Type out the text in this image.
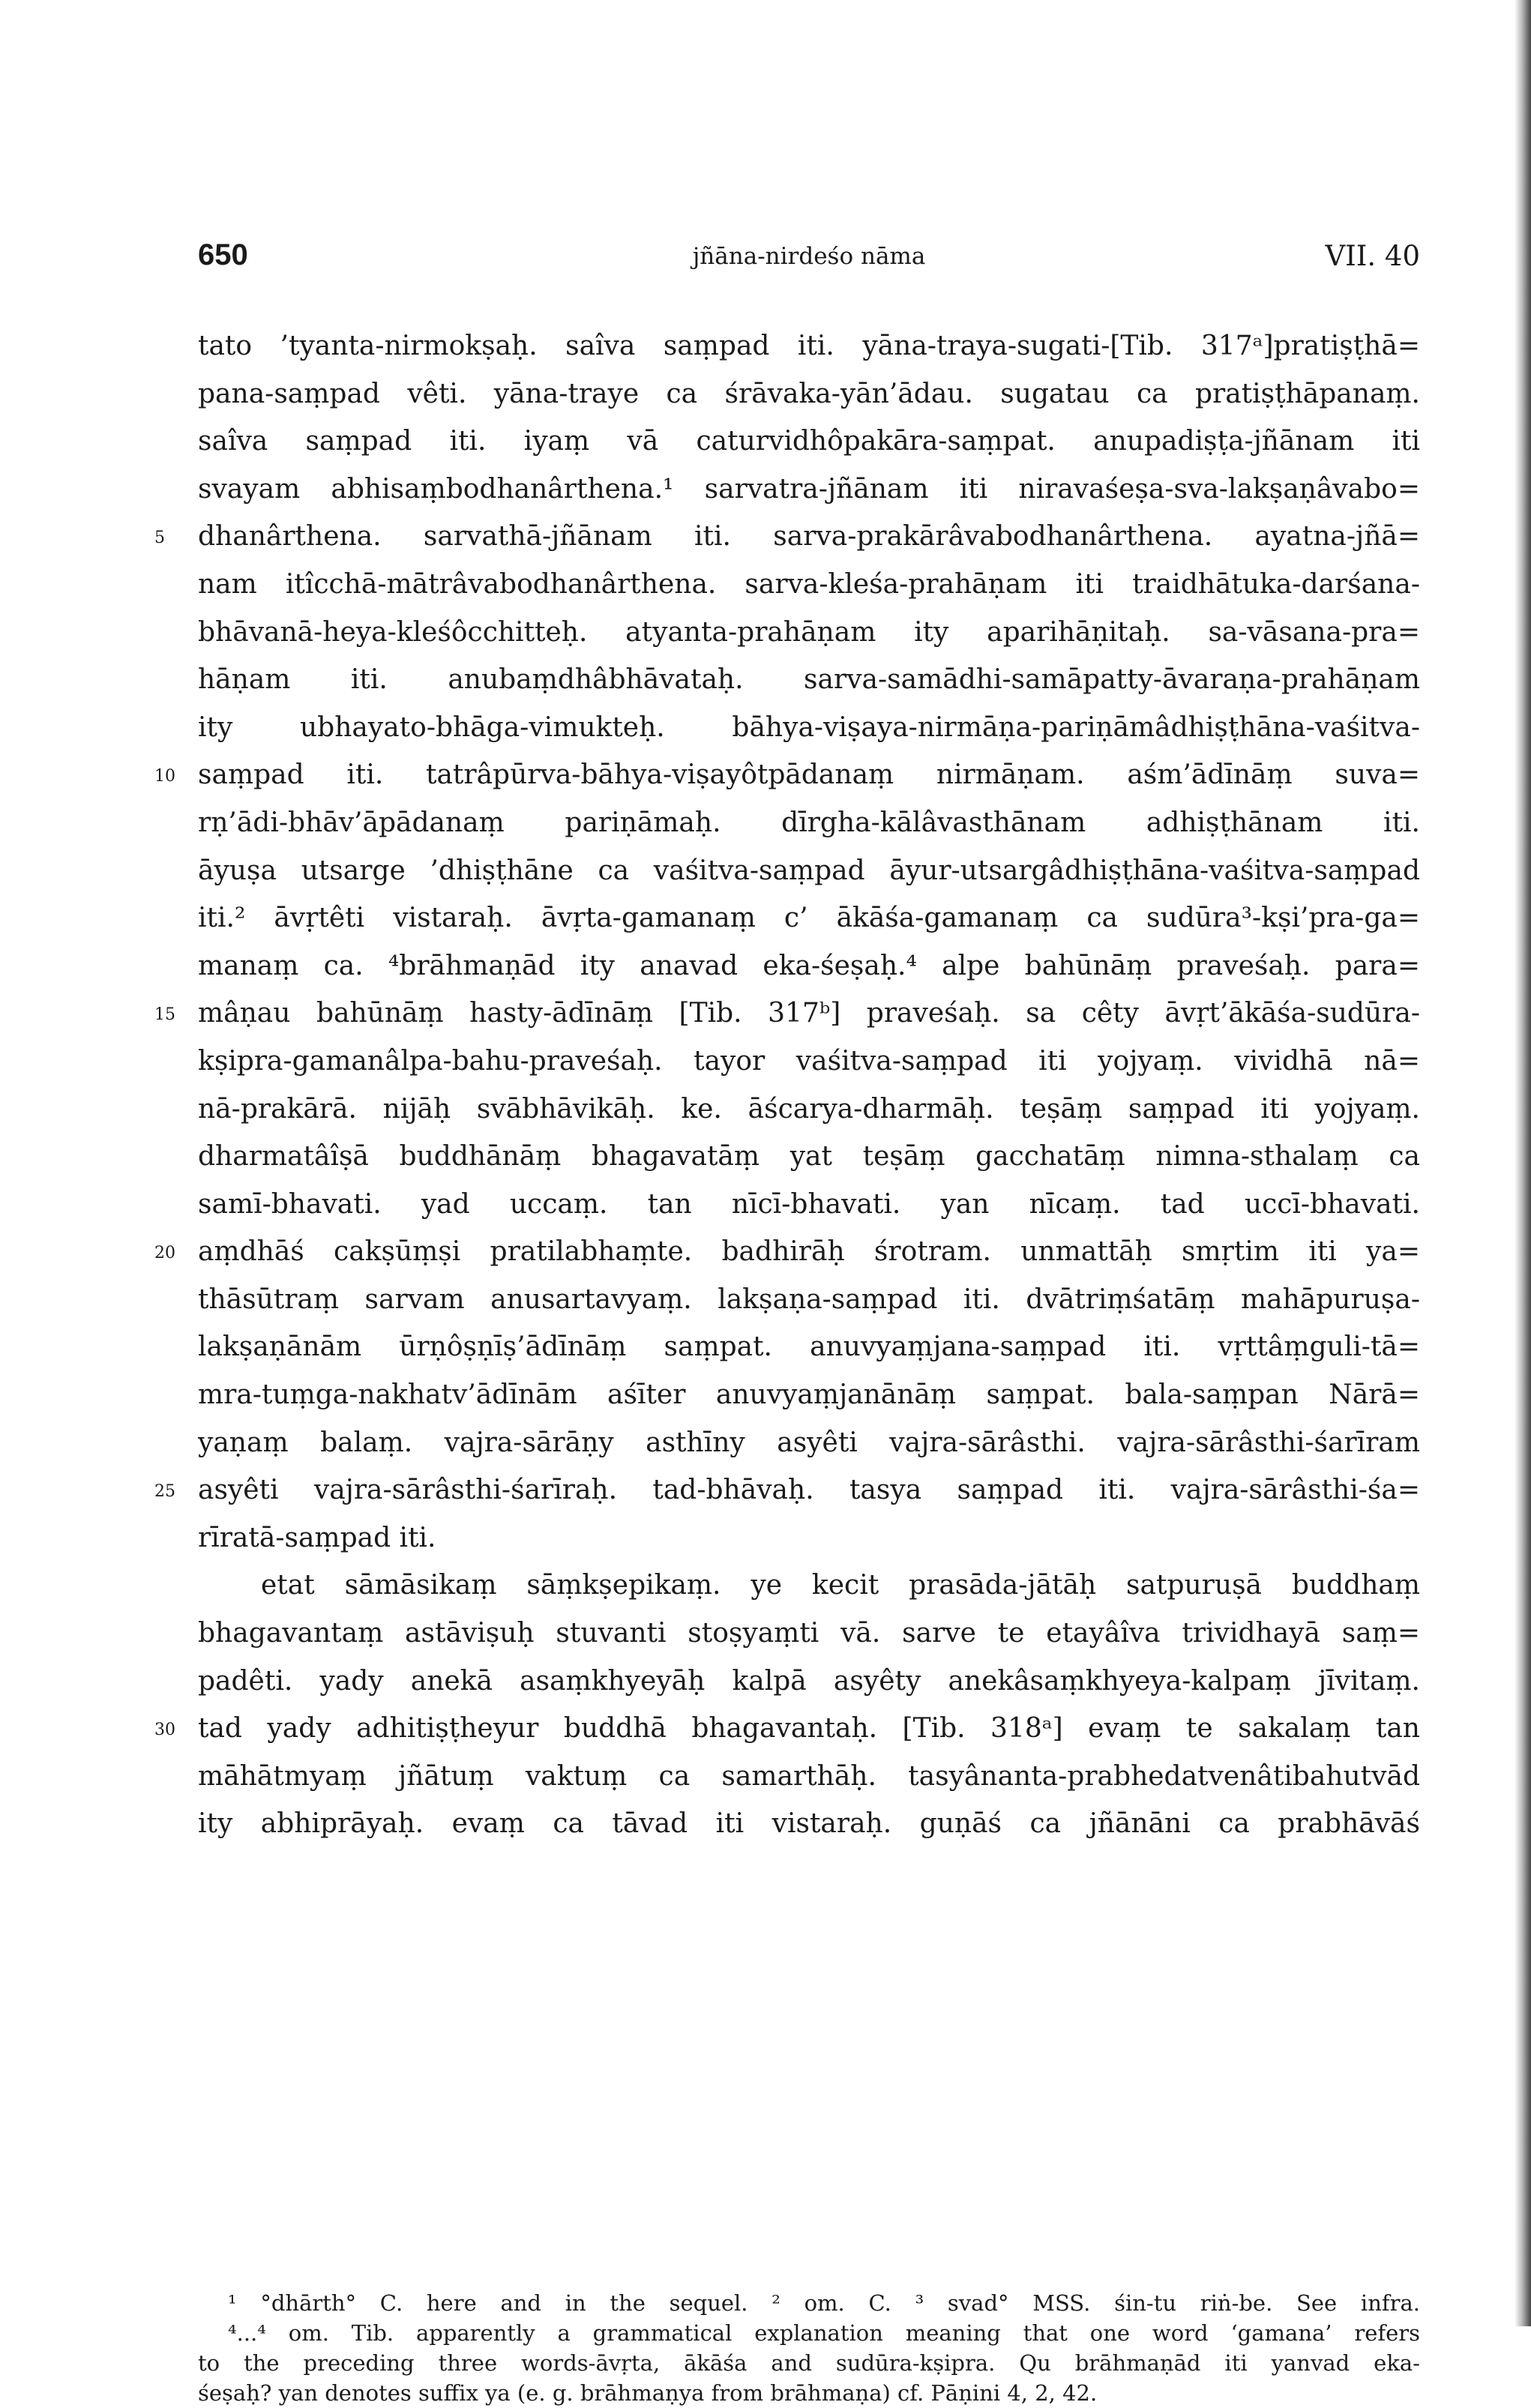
650	jñāna-nirdeśo nāma	VII. 40
tato ’tyanta-nirmokṣaḥ. saîva saṃpad iti. yāna-traya-sugati-[Tib. 317ᵃ]pratiṣṭhā=
pana-saṃpad vêti. yāna-traye ca śrāvaka-yān’ādau. sugatau ca pratiṣṭhāpanaṃ.
saîva saṃpad iti. iyaṃ vā caturvidhôpakāra-saṃpat. anupadiṣṭa-jñānam iti
svayam abhisaṃbodhanârthena.¹ sarvatra-jñānam iti niravaśeṣa-sva-lakṣaṇâvabo=
5	dhanârthena. sarvathā-jñānam iti. sarva-prakārâvabodhanârthena. ayatna-jñā=
nam itîcchā-mātrâvabodhanârthena. sarva-kleśa-prahāṇam iti traidhātuka-darśana-
bhāvanā-heya-kleśôcchitteḥ. atyanta-prahāṇam ity aparihāṇitaḥ. sa-vāsana-pra=
hāṇam iti. anubaṃdhâbhāvataḥ. sarva-samādhi-samāpatty-āvaraṇa-prahāṇam
ity ubhayato-bhāga-vimukteḥ. bāhya-viṣaya-nirmāṇa-pariṇāmâdhiṣṭhāna-vaśitva-
10 saṃpad iti. tatrâpūrva-bāhya-viṣayôtpādanaṃ nirmāṇam. aśm’ādīnāṃ suva=
rṇ’ādi-bhāv’āpādanaṃ pariṇāmaḥ. dīrgha-kālâvasthānam adhiṣṭhānam iti.
āyuṣa utsarge ’dhiṣṭhāne ca vaśitva-saṃpad āyur-utsargâdhiṣṭhāna-vaśitva-saṃpad
iti.² āvṛtêti vistaraḥ. āvṛta-gamanaṃ c’ ākāśa-gamanaṃ ca sudūra³-kṣi’pra-ga=
manaṃ ca. ⁴brāhmaṇād ity anavad eka-śeṣaḥ.⁴ alpe bahūnāṃ praveśaḥ. para=
15 mâṇau bahūnāṃ hasty-ādīnāṃ [Tib. 317ᵇ] praveśaḥ. sa cêty āvṛt’ākāśa-sudūra-
kṣipra-gamanâlpa-bahu-praveśaḥ. tayor vaśitva-saṃpad iti yojyaṃ. vividhā nā=
nā-prakārā. nijāḥ svābhāvikāḥ. ke. āścarya-dharmāḥ. teṣāṃ saṃpad iti yojyaṃ.
dharmatâîṣā buddhānāṃ bhagavatāṃ yat teṣāṃ gacchatāṃ nimna-sthalaṃ ca
samī-bhavati. yad uccaṃ. tan nīcī-bhavati. yan nīcaṃ. tad uccī-bhavati.
20 aṃdhāś cakṣūṃṣi pratilabhaṃte. badhirāḥ śrotram. unmattāḥ smṛtim iti ya=
thāsūtraṃ sarvam anusartavyaṃ. lakṣaṇa-saṃpad iti. dvātriṃśatāṃ mahāpuruṣa-
lakṣaṇānām ūrṇôṣṇīṣ’ādīnāṃ saṃpat. anuvyaṃjana-saṃpad iti. vṛttâṃguli-tā=
mra-tuṃga-nakhatv’ādīnām aśīter anuvyaṃjanānāṃ saṃpat. bala-saṃpan Nārā=
yaṇaṃ balaṃ. vajra-sārāṇy asthīny asyêti vajra-sārâsthi. vajra-sārâsthi-śarīram
25 asyêti vajra-sārâsthi-śarīraḥ. tad-bhāvaḥ. tasya saṃpad iti. vajra-sārâsthi-śa=
rīratā-saṃpad iti.
etat sāmāsikaṃ sāṃkṣepikaṃ. ye kecit prasāda-jātāḥ satpuruṣā buddhaṃ
bhagavantaṃ astāviṣuḥ stuvanti stoṣyaṃti vā. sarve te etayâîva trividhayā saṃ=
padêti. yady anekā asaṃkhyeyāḥ kalpā asyêty anekâsaṃkhyeya-kalpaṃ jīvitaṃ.
30 tad yady adhitiṣṭheyur buddhā bhagavantaḥ. [Tib. 318ᵃ] evaṃ te sakalaṃ tan
māhātmyaṃ jñātuṃ vaktuṃ ca samarthāḥ. tasyânanta-prabhedatvenâtibahutvād
ity abhiprāyaḥ. evaṃ ca tāvad iti vistaraḥ. guṇāś ca jñānāni ca prabhāvāś
¹ °dhārth° C. here and in the sequel. ² om. C. ³ svad° MSS. śin-tu riṅ-be. See infra.
⁴...⁴ om. Tib. apparently a grammatical explanation meaning that one word ‘gamana’ refers
to the preceding three words-āvṛta, ākāśa and sudūra-kṣipra. Qu brāhmaṇād iti yanvad eka-
śeṣaḥ? yan denotes suffix ya (e. g. brāhmaṇya from brāhmaṇa) cf. Pāṇini 4, 2, 42.
